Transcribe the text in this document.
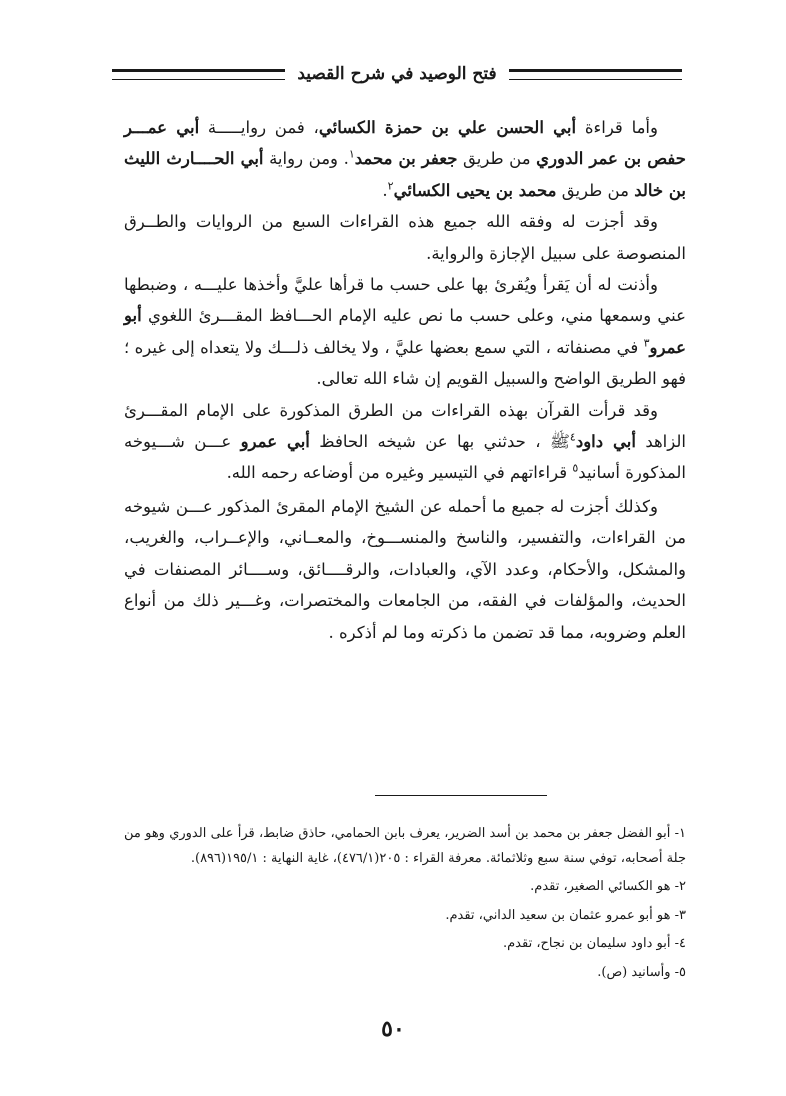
فتح الوصيد في شرح القصيد

وأما قراءة أبي الحسن علي بن حمزة الكسائي، فمن روايـــــة أبي عمـــر حفص بن عمر الدوري من طريق جعفر بن محمد$^١$. ومن رواية أبي الحــــارث الليث بن خالد من طريق محمد بن يحيى الكسائي$^٢$.

وقد أجزت له وفقه الله جميع هذه القراءات السبع من الروايات والطــرق المنصوصة على سبيل الإجازة والرواية.

وأذنت له أن يَقرأ ويُقرئ بها على حسب ما قرأها عليَّ وأخذها عليـــه ، وضبطها عني وسمعها مني، وعلى حسب ما نص عليه الإمام الحـــافظ المقـــرئ اللغوي أبو عمرو$^٣$ في مصنفاته ، التي سمع بعضها عليَّ ، ولا يخالف ذلـــك ولا يتعداه إلى غيره ؛ فهو الطريق الواضح والسبيل القويم إن شاء الله تعالى.

وقد قرأت القرآن بهذه القراءات من الطرق المذكورة على الإمام المقـــرئ الزاهد أبي داود$^٤$ﷺ ، حدثني بها عن شيخه الحافظ أبي عمرو عـــن شـــيوخه المذكورة أسانيد$^٥$ قراءاتهم في التيسير وغيره من أوضاعه رحمه الله.

وكذلك أجزت له جميع ما أحمله عن الشيخ الإمام المقرئ المذكور عـــن شيوخه من القراءات، والتفسير، والناسخ والمنســـوخ، والمعــاني، والإعــراب، والغريب، والمشكل، والأحكام، وعدد الآي، والعبادات، والرقــــائق، وســــائر المصنفات في الحديث، والمؤلفات في الفقه، من الجامعات والمختصرات، وغـــير ذلك من أنواع العلم وضروبه، مما قد تضمن ما ذكرته وما لم أذكره .

١- أبو الفضل جعفر بن محمد بن أسد الضرير، يعرف بابن الحمامي، حاذق ضابط، قرأ على الدوري وهو من جلة أصحابه، توفي سنة سبع وثلاثمائة. معرفة القراء : ٢٠٥(٤٧٦/١)، غاية النهاية : ١٩٥/١(٨٩٦).

٢- هو الكسائي الصغير، تقدم.

٣- هو أبو عمرو عثمان بن سعيد الداني، تقدم.

٤- أبو داود سليمان بن نجاح، تقدم.

٥- وأسانيد (ص).

٥٠
